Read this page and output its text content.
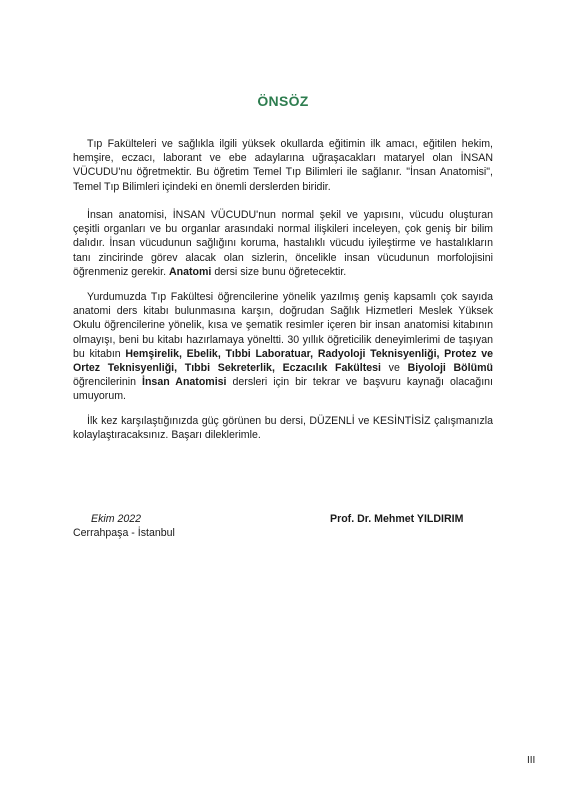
ÖNSÖZ

Tıp Fakülteleri ve sağlıkla ilgili yüksek okullarda eğitimin ilk amacı, eğitilen hekim, hemşire, eczacı, laborant ve ebe adaylarına uğraşacakları mataryel olan İNSAN VÜCUDU'nu öğretmektir. Bu öğretim Temel Tıp Bilimleri ile sağlanır. "İnsan Anatomisi", Temel Tıp Bilimleri içindeki en önemli derslerden biridir.

İnsan anatomisi, İNSAN VÜCUDU'nun normal şekil ve yapısını, vücudu oluşturan çeşitli organları ve bu organlar arasındaki normal ilişkileri inceleyen, çok geniş bir bilim dalıdır. İnsan vücudunun sağlığını koruma, hastalıklı vücudu iyileştirme ve hastalıkların tanı zincirinde görev alacak olan sizlerin, öncelikle insan vücudunun morfolojisini öğrenmeniz gerekir. Anatomi dersi size bunu öğretecektir.

Yurdumuzda Tıp Fakültesi öğrencilerine yönelik yazılmış geniş kapsamlı çok sayıda anatomi ders kitabı bulunmasına karşın, doğrudan Sağlık Hizmetleri Meslek Yüksek Okulu öğrencilerine yönelik, kısa ve şematik resimler içeren bir insan anatomisi kitabının olmayışı, beni bu kitabı hazırlamaya yöneltti. 30 yıllık öğreticilik deneyimlerimi de taşıyan bu kitabın Hemşirelik, Ebelik, Tıbbi Laboratuar, Radyoloji Teknisyenliği, Protez ve Ortez Teknisyenliği, Tıbbi Sekreterlik, Eczacılık Fakültesi ve Biyoloji Bölümü öğrencilerinin İnsan Anatomisi dersleri için bir tekrar ve başvuru kaynağı olacağını umuyorum.

İlk kez karşılaştığınızda güç görünen bu dersi, DÜZENLİ ve KESİNTİSİZ çalışmanızla kolaylaştıracaksınız. Başarı dileklerimle.

Ekim 2022
Cerrahpaşa - İstanbul
Prof. Dr. Mehmet YILDIRIM
III
